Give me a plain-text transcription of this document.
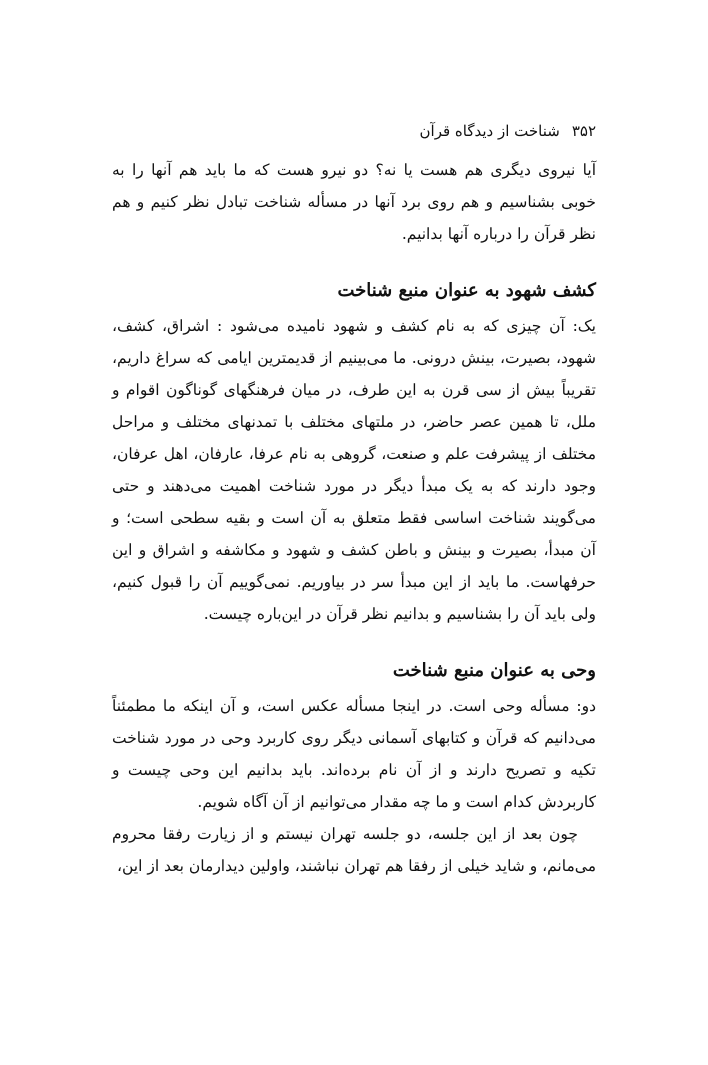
۳۵۲شناخت از دیدگاه قرآن

آیا نیروی دیگری هم هست یا نه؟ دو نیرو هست که ما باید هم آنها را به خوبی بشناسیم و هم روی برد آنها در مسأله شناخت تبادل نظر کنیم و هم نظر قرآن را درباره آنها بدانیم.

کشف شهود به عنوان منبع شناخت

یک: آن چیزی که به نام کشف و شهود نامیده می‌شود : اشراق، کشف، شهود، بصیرت، بینش درونی. ما می‌بینیم از قدیمترین ایامی که سراغ داریم، تقریباً بیش از سی قرن به این طرف، در میان فرهنگهای گوناگون اقوام و ملل، تا همین عصر حاضر، در ملتهای مختلف با تمدنهای مختلف و مراحل مختلف از پیشرفت علم و صنعت، گروهی به نام عرفا، عارفان، اهل عرفان، وجود دارند که به یک مبدأ دیگر در مورد شناخت اهمیت می‌دهند و حتی می‌گویند شناخت اساسی فقط متعلق به آن است و بقیه سطحی است؛ و آن مبدأ، بصیرت و بینش و باطن کشف و شهود و مکاشفه و اشراق و این حرفهاست. ما باید از این مبدأ سر در بیاوریم. نمی‌گوییم آن را قبول کنیم، ولی باید آن را بشناسیم و بدانیم نظر قرآن در این‌باره چیست.

وحی به عنوان منبع شناخت

دو: مسأله وحی است. در اینجا مسأله عکس است، و آن اینکه ما مطمئناً می‌دانیم که قرآن و کتابهای آسمانی دیگر روی کاربرد وحی در مورد شناخت تکیه و تصریح دارند و از آن نام برده‌اند. باید بدانیم این وحی چیست و کاربردش کدام است و ما چه مقدار می‌توانیم از آن آگاه شویم.

چون بعد از این جلسه، دو جلسه تهران نیستم و از زیارت رفقا محروم می‌مانم، و شاید خیلی از رفقا هم تهران نباشند، واولین دیدارمان بعد از این،
